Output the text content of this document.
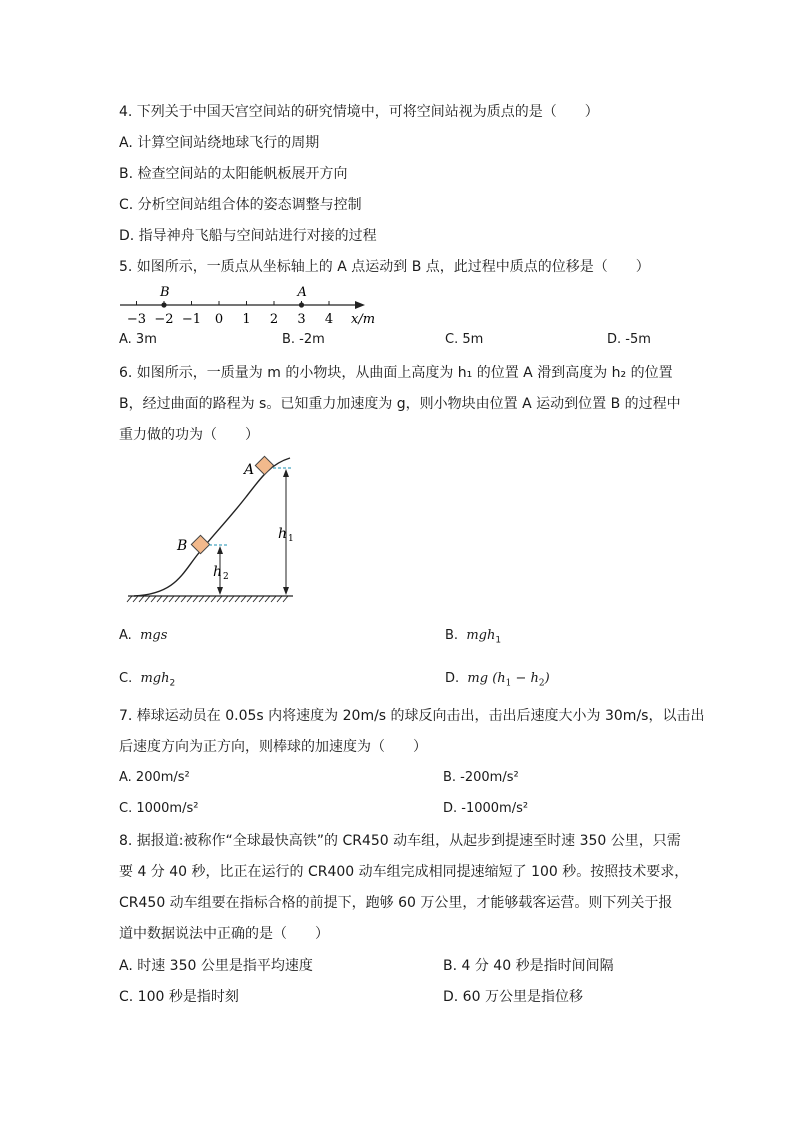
4. 下列关于中国天宫空间站的研究情境中，可将空间站视为质点的是（　　）
A. 计算空间站绕地球飞行的周期
B. 检查空间站的太阳能帆板展开方向
C. 分析空间站组合体的姿态调整与控制
D. 指导神舟飞船与空间站进行对接的过程
5. 如图所示，一质点从坐标轴上的 A 点运动到 B 点，此过程中质点的位移是（　　）
−3 −2 −1 0 1 2 3 4
B	A
x/m
A. 3m	B. -2m	C. 5m	D. -5m
6. 如图所示，一质量为 m 的小物块，从曲面上高度为 h₁ 的位置 A 滑到高度为 h₂ 的位置
B，经过曲面的路程为 s。已知重力加速度为 g，则小物块由位置 A 运动到位置 B 的过程中
重力做的功为（　　）
A
h 1
B
h 2
A. mgs	B. mgh$_1$
C. mgh$_2$	D. mg $(h_1 - h_2)$
7. 棒球运动员在 0.05s 内将速度为 20m/s 的球反向击出，击出后速度大小为 30m/s，以击出
后速度方向为正方向，则棒球的加速度为（　　）
A. 200m/s²	B. -200m/s²
C. 1000m/s²	D. -1000m/s²
8. 据报道:被称作“全球最快高铁”的 CR450 动车组，从起步到提速至时速 350 公里，只需
要 4 分 40 秒，比正在运行的 CR400 动车组完成相同提速缩短了 100 秒。按照技术要求，
CR450 动车组要在指标合格的前提下，跑够 60 万公里，才能够载客运营。则下列关于报
道中数据说法中正确的是（　　）
A. 时速 350 公里是指平均速度	B. 4 分 40 秒是指时间间隔
C. 100 秒是指时刻	D. 60 万公里是指位移
